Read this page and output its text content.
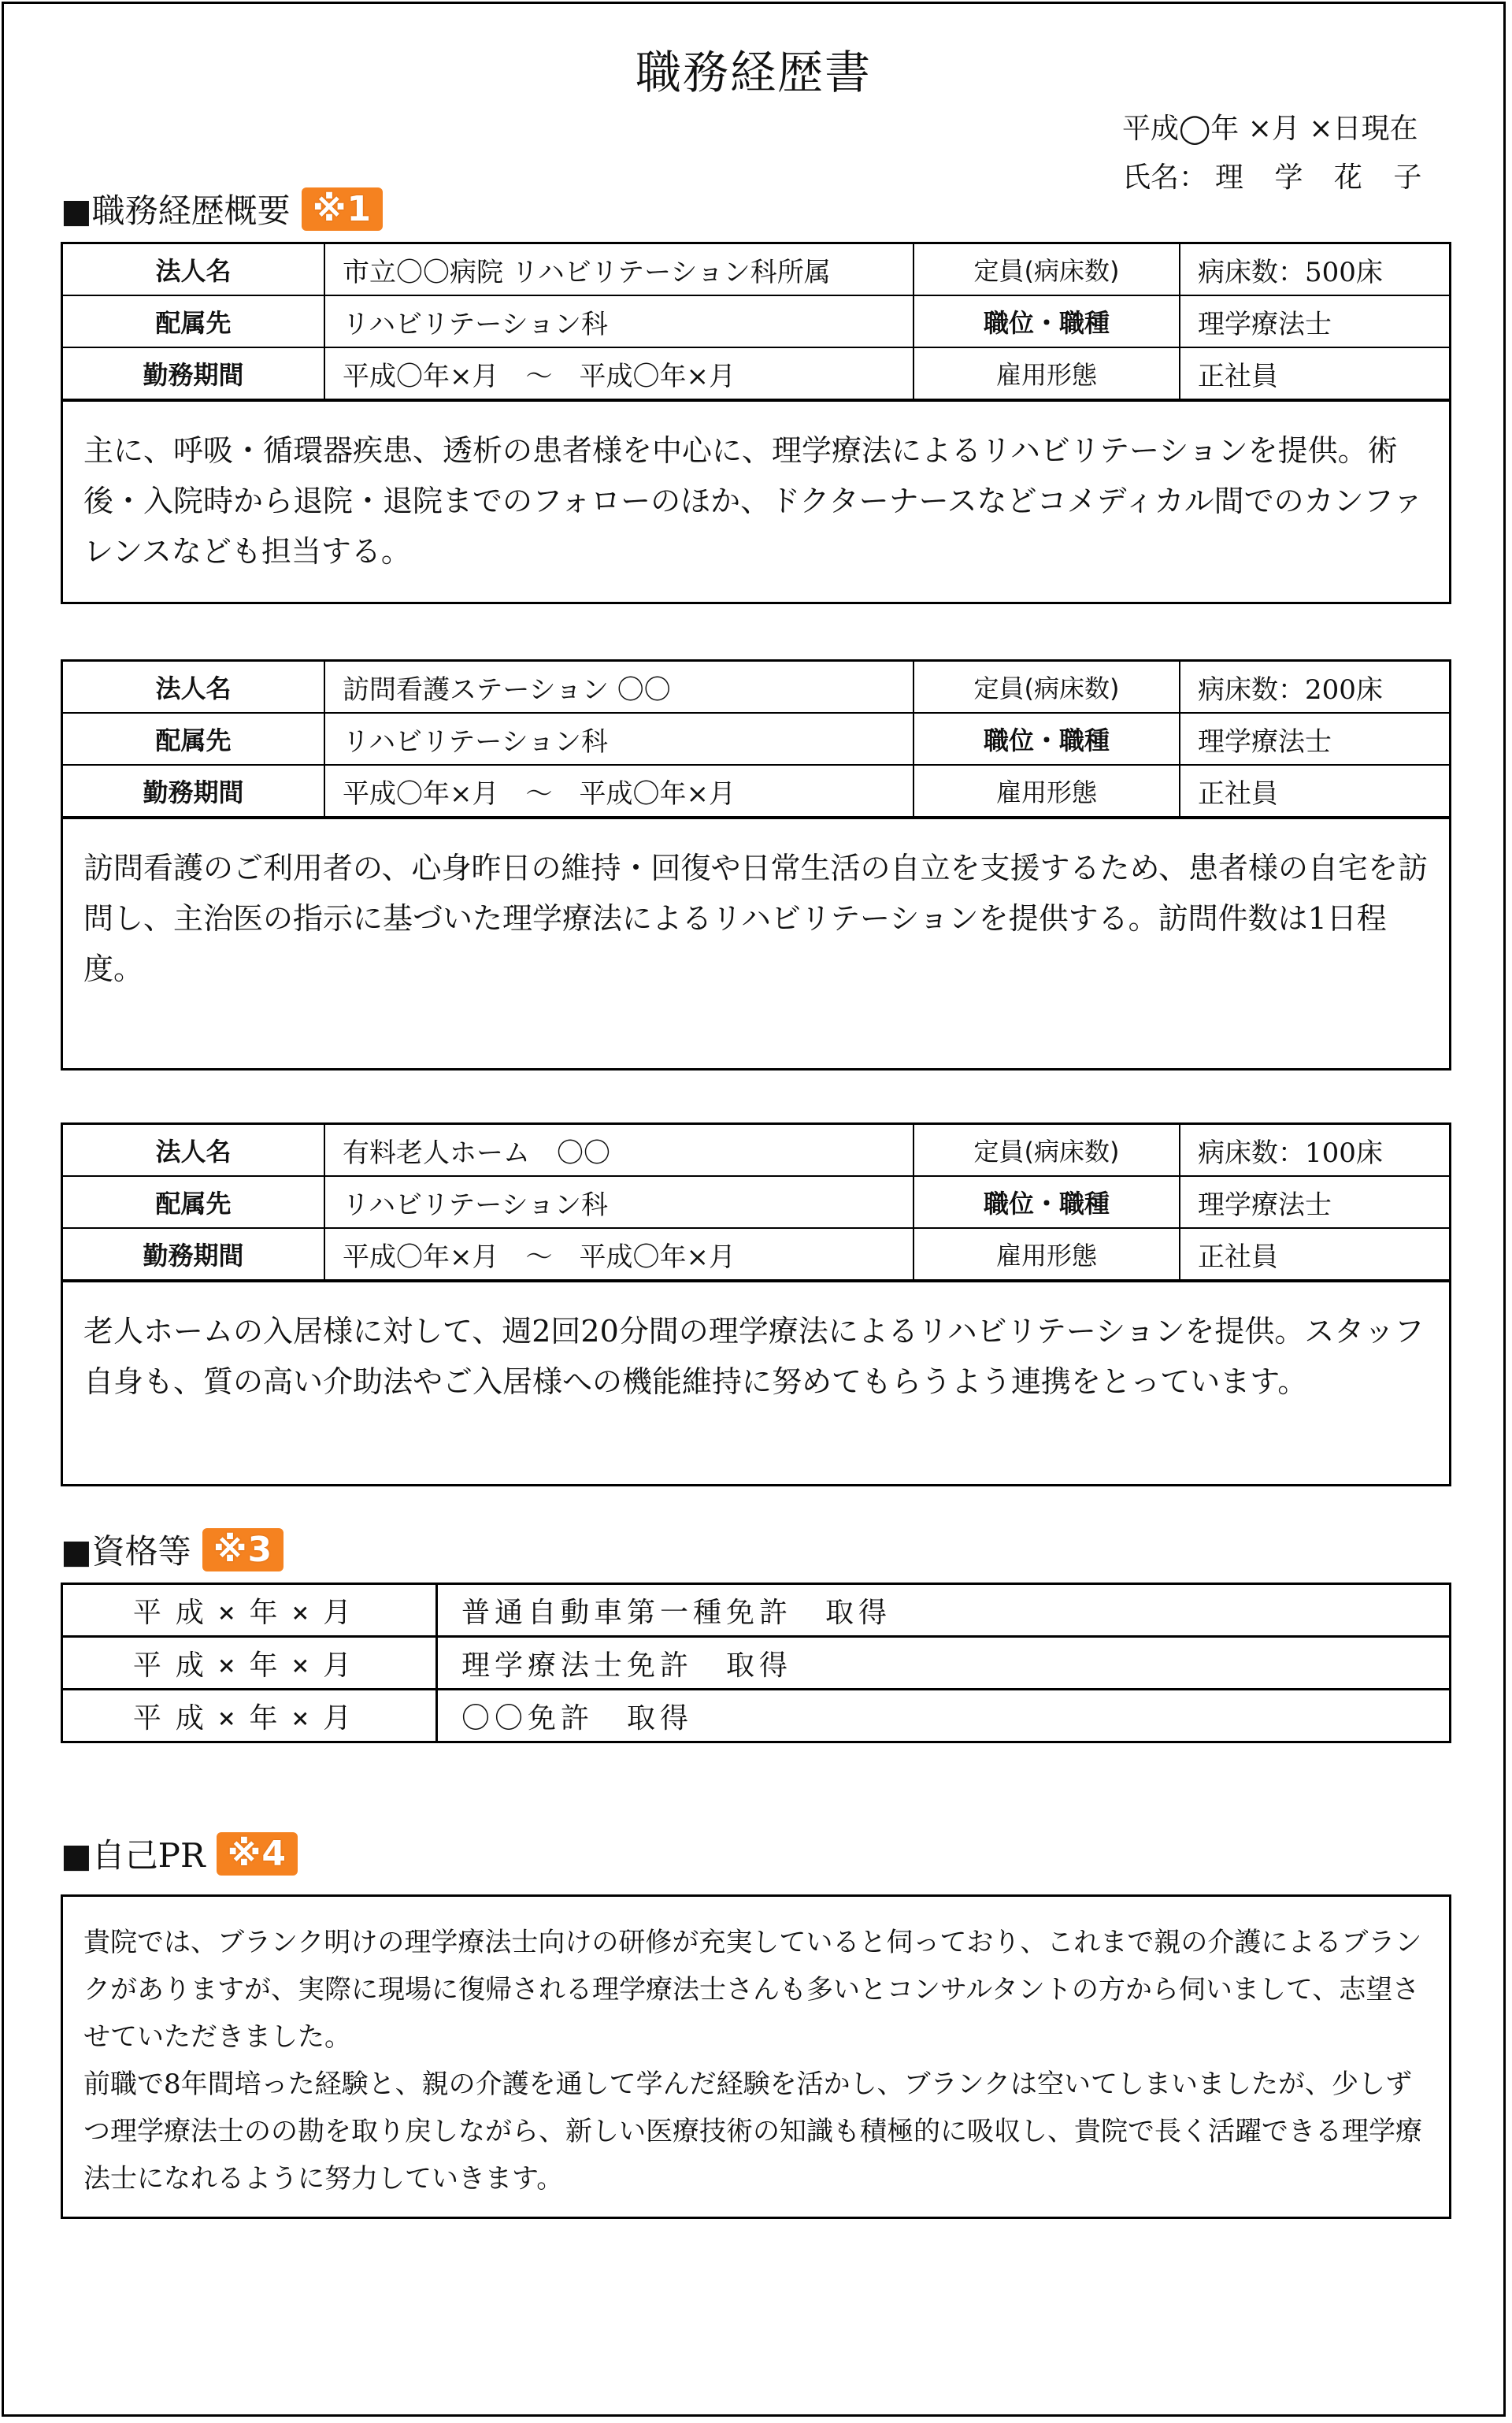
職務経歴書
平成◯年 ×月 ×日現在
氏名： 理 学 花 子
■職務経歴概要 ※1
法人名	市立〇〇病院 リハビリテーション科所属	定員(病床数)	病床数：500床
配属先	リハビリテーション科	職位・職種	理学療法士
勤務期間	平成〇年×月　～　平成〇年×月	雇用形態	正社員
主に、呼吸・循環器疾患、透析の患者様を中心に、理学療法によるリハビリテーションを提供。術後・入院時から退院・退院までのフォローのほか、ドクターナースなどコメディカル間でのカンファレンスなども担当する。
法人名	訪問看護ステーション 〇〇	定員(病床数)	病床数：200床
配属先	リハビリテーション科	職位・職種	理学療法士
勤務期間	平成〇年×月　～　平成〇年×月	雇用形態	正社員
訪問看護のご利用者の、心身昨日の維持・回復や日常生活の自立を支援するため、患者様の自宅を訪問し、主治医の指示に基づいた理学療法によるリハビリテーションを提供する。訪問件数は1日程度。
法人名	有料老人ホーム　〇〇	定員(病床数)	病床数：100床
配属先	リハビリテーション科	職位・職種	理学療法士
勤務期間	平成〇年×月　～　平成〇年×月	雇用形態	正社員
老人ホームの入居様に対して、週2回20分間の理学療法によるリハビリテーションを提供。スタッフ自身も、質の高い介助法やご入居様への機能維持に努めてもらうよう連携をとっています。
■資格等 ※3
平成×年×月	普通自動車第一種免許　取得
平成×年×月	理学療法士免許　取得
平成×年×月	〇〇免許　取得
■自己PR ※4

貴院では、ブランク明けの理学療法士向けの研修が充実していると伺っており、これまで親の介護によるブランクがありますが、実際に現場に復帰される理学療法士さんも多いとコンサルタントの方から伺いまして、志望させていただきました。

前職で8年間培った経験と、親の介護を通して学んだ経験を活かし、ブランクは空いてしまいましたが、少しずつ理学療法士のの勘を取り戻しながら、新しい医療技術の知識も積極的に吸収し、貴院で長く活躍できる理学療法士になれるように努力していきます。
